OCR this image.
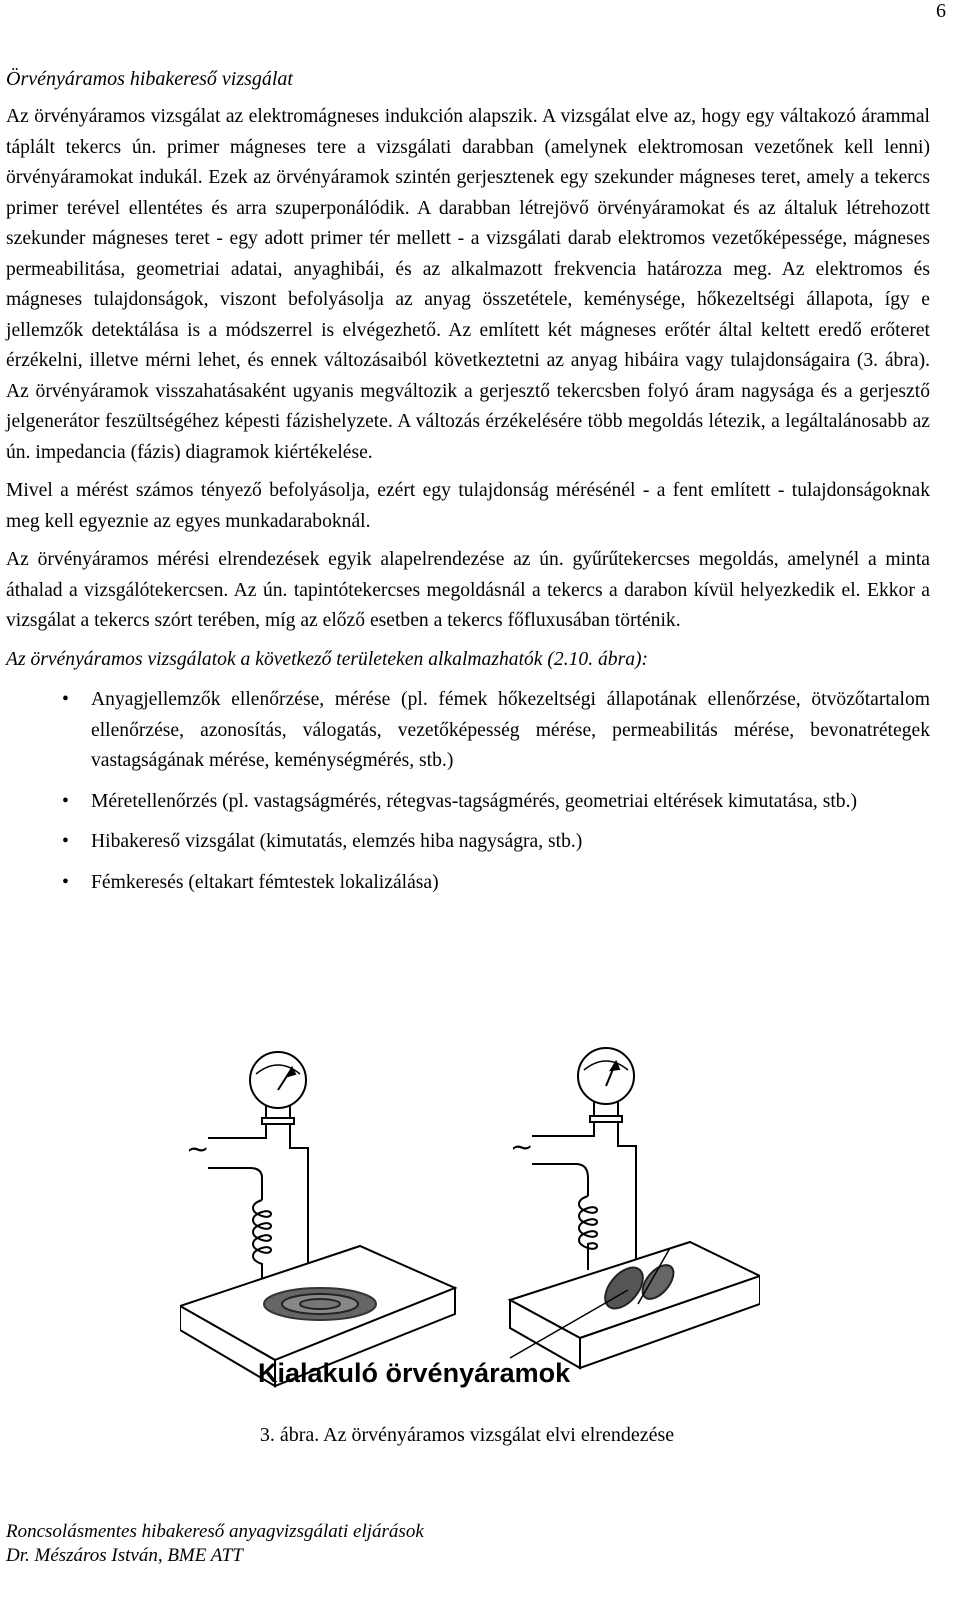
6
Örvényáramos hibakereső vizsgálat

Az örvényáramos vizsgálat az elektromágneses indukción alapszik. A vizsgálat elve az, hogy egy váltakozó árammal táplált tekercs ún. primer mágneses tere a vizsgálati darabban (amelynek elektromosan vezetőnek kell lenni) örvényáramokat indukál. Ezek az örvényáramok szintén gerjesztenek egy szekunder mágneses teret, amely a tekercs primer terével ellentétes és arra szuperponálódik. A darabban létrejövő örvényáramokat és az általuk létrehozott szekunder mágneses teret - egy adott primer tér mellett - a vizsgálati darab elektromos vezetőképessége, mágneses permeabilitása, geometriai adatai, anyaghibái, és az alkalmazott frekvencia határozza meg. Az elektromos és mágneses tulajdonságok, viszont befolyásolja az anyag összetétele, keménysége, hőkezeltségi állapota, így e jellemzők detektálása is a módszerrel is elvégezhető. Az említett két mágneses erőtér által keltett eredő erőteret érzékelni, illetve mérni lehet, és ennek változásaiból következtetni az anyag hibáira vagy tulajdonságaira (3. ábra). Az örvényáramok visszahatásaként ugyanis megváltozik a gerjesztő tekercsben folyó áram nagysága és a gerjesztő jelgenerátor feszültségéhez képesti fázishelyzete. A változás érzékelésére több megoldás létezik, a legáltalánosabb az ún. impedancia (fázis) diagramok kiértékelése.

Mivel a mérést számos tényező befolyásolja, ezért egy tulajdonság mérésénél - a fent említett - tulajdonságoknak meg kell egyeznie az egyes munkadaraboknál.

Az örvényáramos mérési elrendezések egyik alapelrendezése az ún. gyűrűtekercses megoldás, amelynél a minta áthalad a vizsgálótekercsen. Az ún. tapintótekercses megoldásnál a tekercs a darabon kívül helyezkedik el. Ekkor a vizsgálat a tekercs szórt terében, míg az előző esetben a tekercs főfluxusában történik.

Az örvényáramos vizsgálatok a következő területeken alkalmazhatók (2.10. ábra):

• Anyagjellemzők ellenőrzése, mérése (pl. fémek hőkezeltségi állapotának ellenőrzése, ötvözőtartalom ellenőrzése, azonosítás, válogatás, vezetőképesség mérése, permeabilitás mérése, bevonatrétegek vastagságának mérése, keménységmérés, stb.)
• Méretellenőrzés (pl. vastagságmérés, rétegvas-tagságmérés, geometriai eltérések kimutatása, stb.)
• Hibakereső vizsgálat (kimutatás, elemzés hiba nagyságra, stb.)
• Fémkeresés (eltakart fémtestek lokalizálása)
~	~
Kialakuló örvényáramok
3. ábra. Az örvényáramos vizsgálat elvi elrendezése
Roncsolásmentes hibakereső anyagvizsgálati eljárások
Dr. Mészáros István, BME ATT
